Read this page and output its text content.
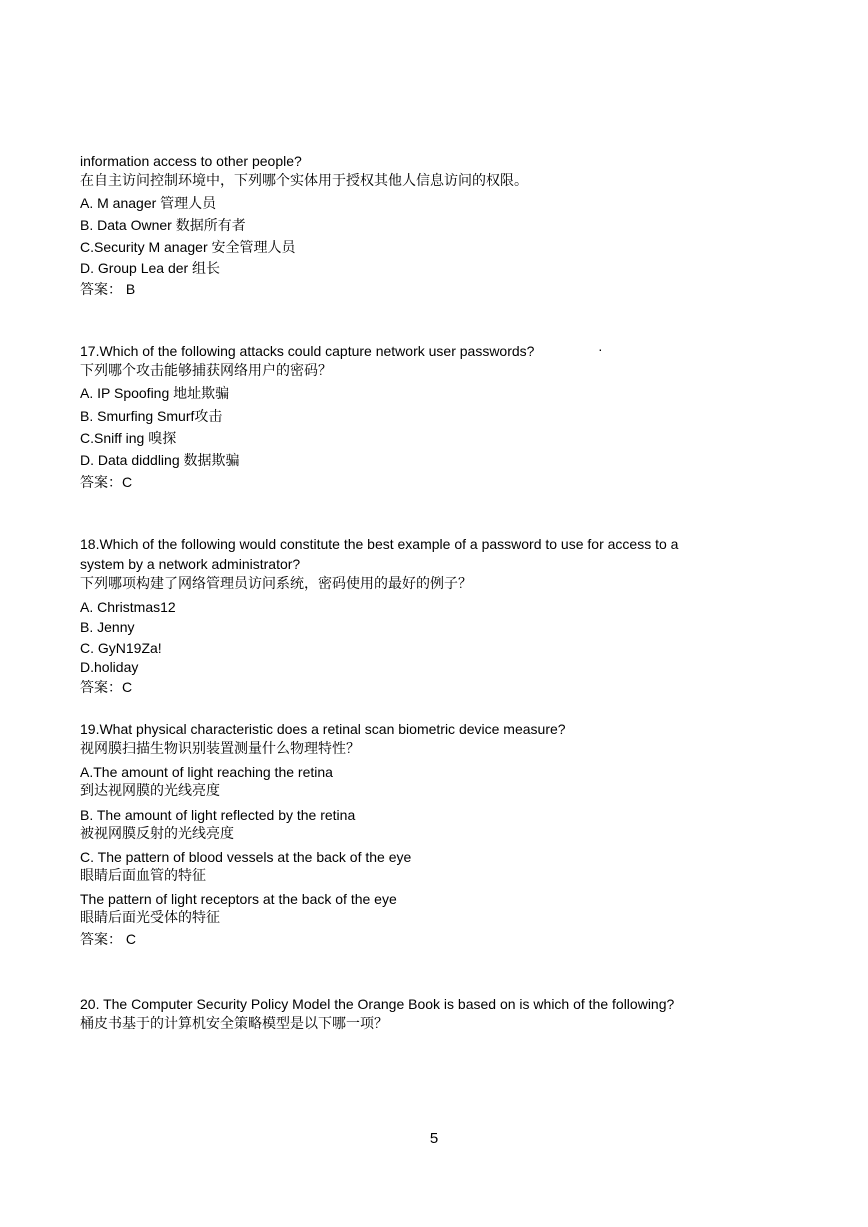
information access to other people?
在自主访问控制环境中，下列哪个实体用于授权其他人信息访问的权限。
A. M anager 管理人员
B. Data Owner 数据所有者
C.Security M anager 安全管理人员
D. Group Lea der 组长
答案： B
17.Which of the following attacks could capture network user passwords?	·
下列哪个攻击能够捕获网络用户的密码？
A. IP Spoofing 地址欺骗
B. Smurfing Smurf攻击
C.Sniff ing 嗅探
D. Data diddling 数据欺骗
答案：C
18.Which of the following would constitute the best example of a password to use for access to a
system by a network administrator?
下列哪项构建了网络管理员访问系统，密码使用的最好的例子？
A. Christmas12
B. Jenny
C. GyN19Za!
D.holiday
答案：C
19.What physical characteristic does a retinal scan biometric device measure?
视网膜扫描生物识别装置测量什么物理特性？
A.The amount of light reaching the retina
到达视网膜的光线亮度
B. The amount of light reflected by the retina
被视网膜反射的光线亮度
C. The pattern of blood vessels at the back of the eye
眼睛后面血管的特征
The pattern of light receptors at the back of the eye
眼睛后面光受体的特征
答案： C
20. The Computer Security Policy Model the Orange Book is based on is which of the following?
桶皮书基于的计算机安全策略模型是以下哪一项？
5
